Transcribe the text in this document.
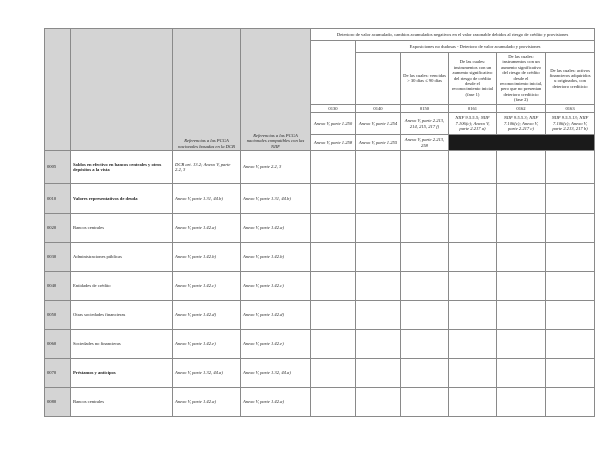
		Referencias a las PCGA nacionales basadas en la DCB	Referencias a las PCGA nacionales compatibles con las NIIF	Deterioro de valor acumulado, cambios acumulados negativos en el valor razonable debidos al riesgo de crédito y provisiones					
					Exposiciones no dudosas - Deterioro de valor acumulado y provisiones				
						De las cuales: vencidas > 30 días ≤ 90 días	De las cuales: instrumentos con un aumento significativo del riesgo de crédito desde el reconocimiento inicial (fase 1)	De las cuales: instrumentos con un aumento significativo del riesgo de crédito desde el reconocimiento inicial, pero que no presentan deterioro crediticio (fase 2)	De las cuales: activos financieros adquiridos u originados, con deterioro crediticio
				0130	0140	0150	0161	0162	0163
				Anexo V, parte 1.250	Anexo V, parte 1.254	Anexo V, parte 2.213, 214, 215, 217 f)	NIIF 9.5.5.5; NIIF 7.106(c); Anexo V, parte 2.217 a)	NIIF 9.5.5.3; NIIF 7.106(c); Anexo V, parte 2.217 c)	NIIF 9.5.5.13; NIIF 7.106(c); Anexo V, parte 2.213, 217 b)
				Anexo V, parte 1.258	Anexo V, parte 1.255	Anexo V, parte 2.213, 258			
0005	Saldos en efectivo en bancos centrales y otros depósitos a la vista	DCB art. 13.2; Anexo V, parte 2.2, 3	Anexo V, parte 2.2, 3						
0010	Valores representativos de deuda	Anexo V, parte 1.31, 44.b)	Anexo V, parte 1.31, 44.b)						
0020	Bancos centrales	Anexo V, parte 1.42.a)	Anexo V, parte 1.42.a)						
0030	Administraciones públicas	Anexo V, parte 1.42.b)	Anexo V, parte 1.42.b)						
0040	Entidades de crédito	Anexo V, parte 1.42.c)	Anexo V, parte 1.42.c)						
0050	Otras sociedades financieras	Anexo V, parte 1.42.d)	Anexo V, parte 1.42.d)						
0060	Sociedades no financieras	Anexo V, parte 1.42.e)	Anexo V, parte 1.42.e)						
0070	Préstamos y anticipos	Anexo V, parte 1.32, 44.a)	Anexo V, parte 1.32, 44.a)						
0080	Bancos centrales	Anexo V, parte 1.42.a)	Anexo V, parte 1.42.a)						
